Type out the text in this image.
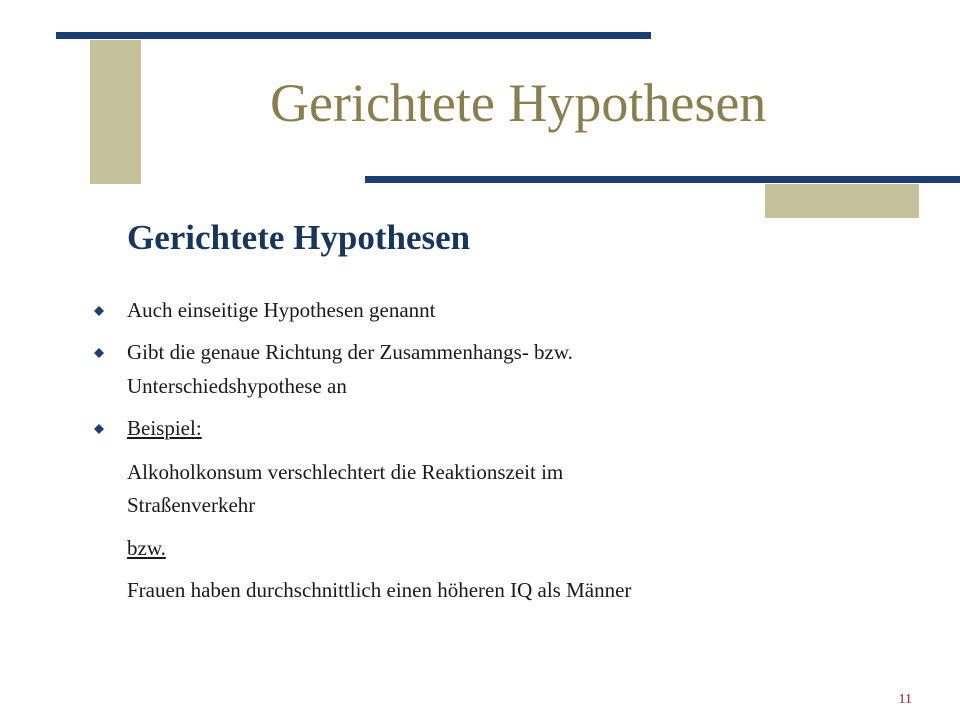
Gerichtete Hypothesen
Gerichtete Hypothesen
Auch einseitige Hypothesen genannt
Gibt die genaue Richtung der Zusammenhangs- bzw.
Unterschiedshypothese an
Beispiel:
Alkoholkonsum verschlechtert die Reaktionszeit im
Straßenverkehr
bzw.
Frauen haben durchschnittlich einen höheren IQ als Männer
11
